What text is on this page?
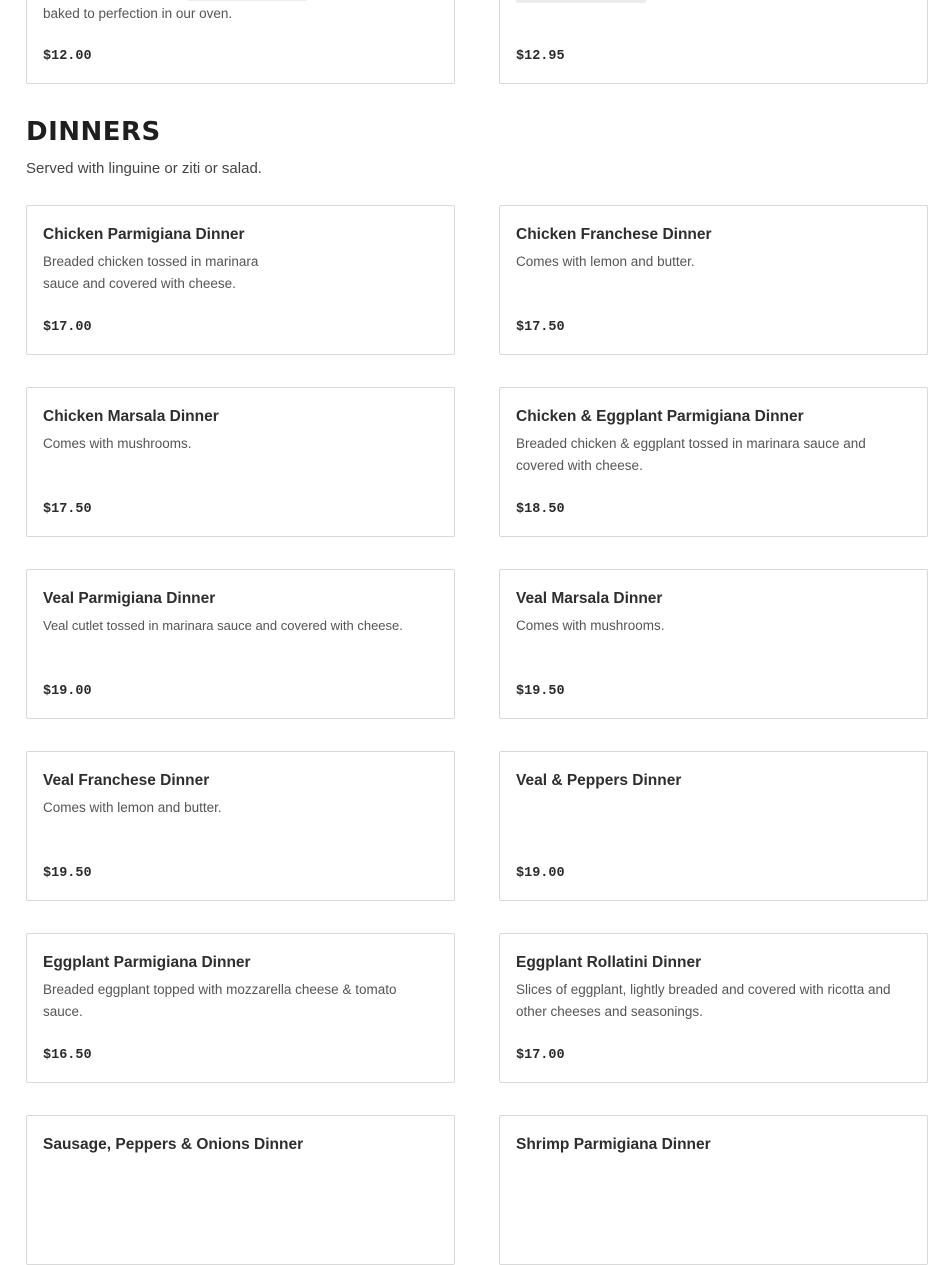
baked to perfection in our oven.
$12.00	$12.95
DINNERS
Served with linguine or ziti or salad.
Chicken Parmigiana Dinner
Breaded chicken tossed in marinara sauce and covered with cheese.
$17.00
Chicken Franchese Dinner
Comes with lemon and butter.
$17.50
Chicken Marsala Dinner
Comes with mushrooms.
$17.50
Chicken & Eggplant Parmigiana Dinner
Breaded chicken & eggplant tossed in marinara sauce and covered with cheese.
$18.50
Veal Parmigiana Dinner
Veal cutlet tossed in marinara sauce and covered with cheese.
$19.00
Veal Marsala Dinner
Comes with mushrooms.
$19.50
Veal Franchese Dinner
Comes with lemon and butter.
$19.50
Veal & Peppers Dinner
$19.00
Eggplant Parmigiana Dinner
Breaded eggplant topped with mozzarella cheese & tomato sauce.
$16.50
Eggplant Rollatini Dinner
Slices of eggplant, lightly breaded and covered with ricotta and other cheeses and seasonings.
$17.00
Sausage, Peppers & Onions Dinner	Shrimp Parmigiana Dinner
